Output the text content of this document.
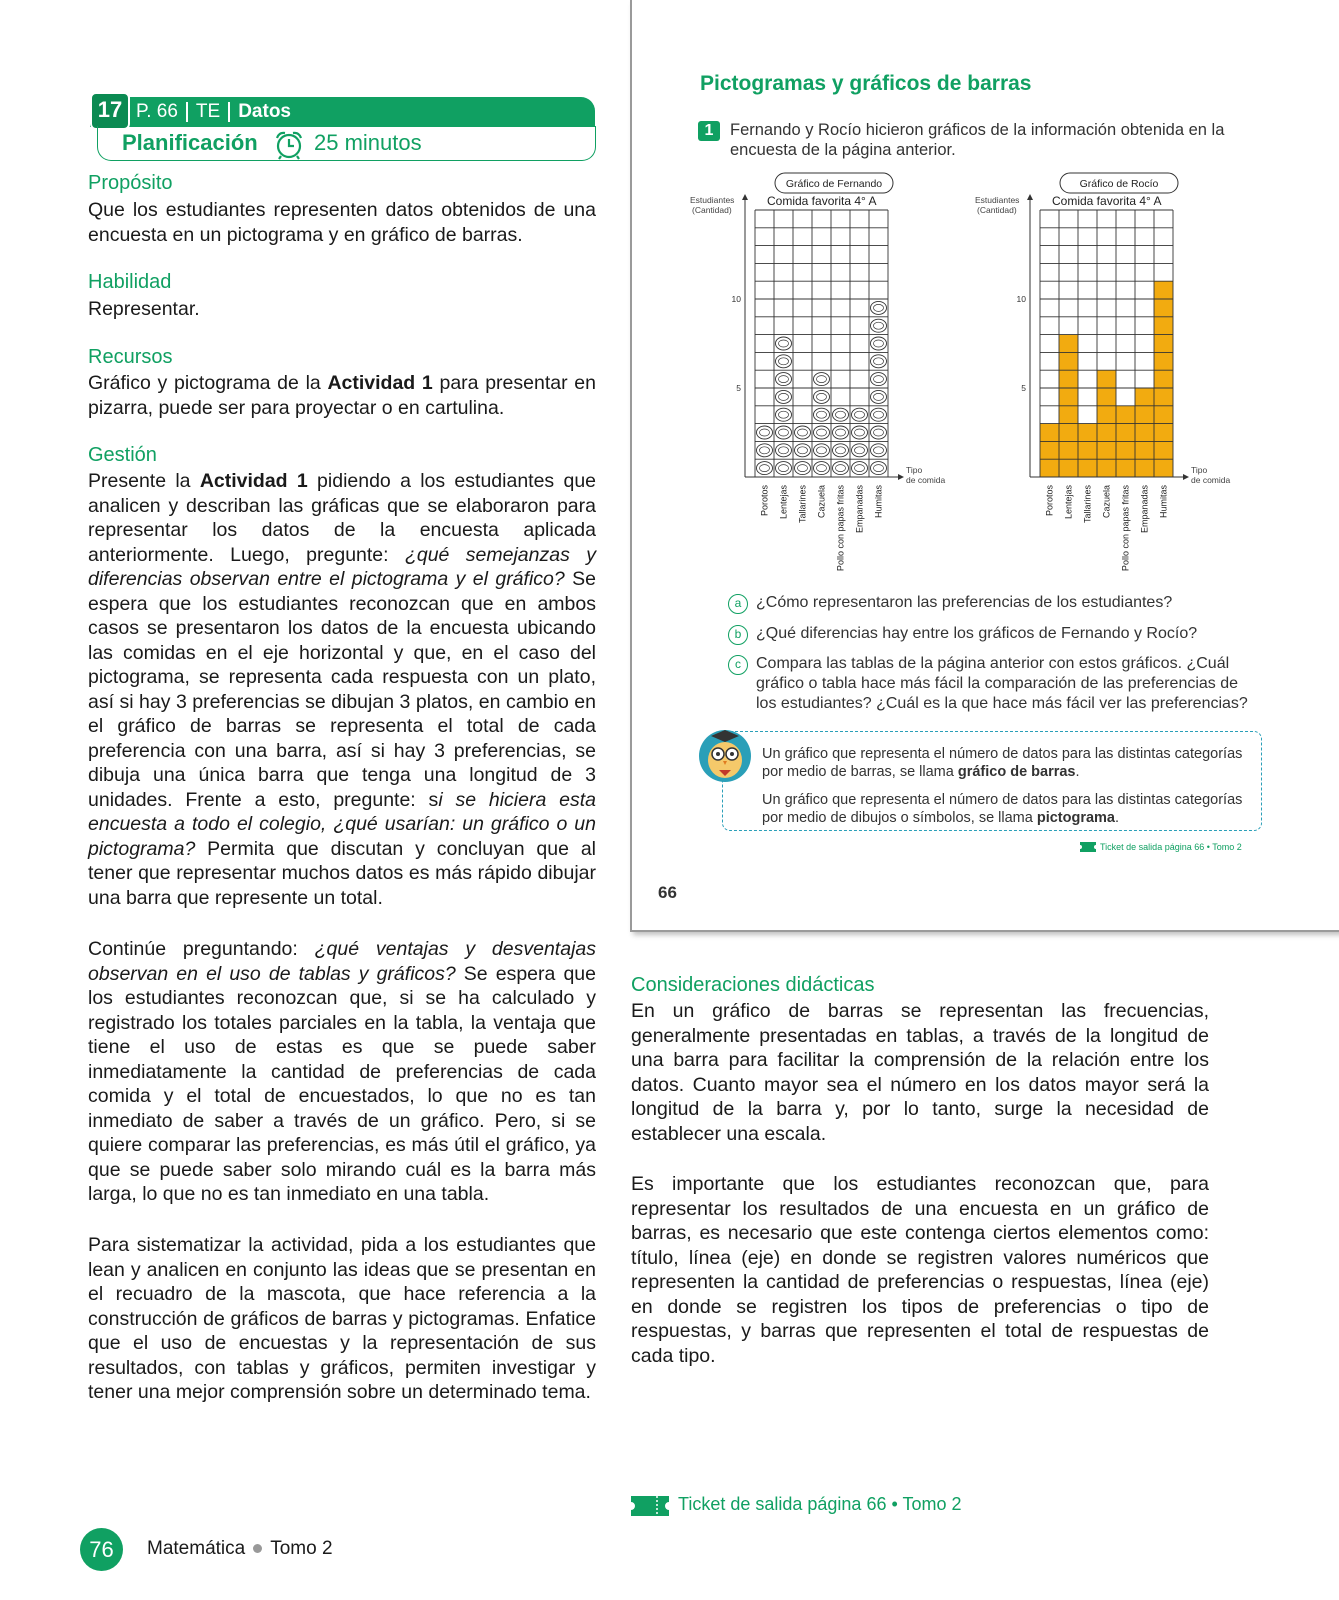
17 P. 66 TE Datos
Planificación	25 minutos
Propósito
Que los estudiantes representen datos obtenidos de una encuesta en un pictograma y en gráfico de barras.
Habilidad
Representar.
Recursos
Gráfico y pictograma de la Actividad 1 para presentar en pizarra, puede ser para proyectar o en cartulina.
Gestión
Presente la Actividad 1 pidiendo a los estudiantes que analicen y describan las gráficas que se elaboraron para representar los datos de la encuesta aplicada anteriormente. Luego, pregunte: ¿qué semejanzas y diferencias observan entre el pictograma y el gráfico? Se espera que los estudiantes reconozcan que en ambos casos se presentaron los datos de la encuesta ubicando las comidas en el eje horizontal y que, en el caso del pictograma, se representa cada respuesta con un plato, así si hay 3 preferencias se dibujan 3 platos, en cambio en el gráfico de barras se representa el total de cada preferencia con una barra, así si hay 3 preferencias, se dibuja una única barra que tenga una longitud de 3 unidades. Frente a esto, pregunte: si se hiciera esta encuesta a todo el colegio, ¿qué usarían: un gráfico o un pictograma? Permita que discutan y concluyan que al tener que representar muchos datos es más rápido dibujar una barra que represente un total.
Continúe preguntando: ¿qué ventajas y desventajas observan en el uso de tablas y gráficos? Se espera que los estudiantes reconozcan que, si se ha calculado y registrado los totales parciales en la tabla, la ventaja que tiene el uso de estas es que se puede saber inmediatamente la cantidad de preferencias de cada comida y el total de encuestados, lo que no es tan inmediato de saber a través de un gráfico. Pero, si se quiere comparar las preferencias, es más útil el gráfico, ya que se puede saber solo mirando cuál es la barra más larga, lo que no es tan inmediato en una tabla.
Para sistematizar la actividad, pida a los estudiantes que lean y analicen en conjunto las ideas que se presentan en el recuadro de la mascota, que hace referencia a la construcción de gráficos de barras y pictogramas. Enfatice que el uso de encuestas y la representación de sus resultados, con tablas y gráficos, permiten investigar y tener una mejor comprensión sobre un determinado tema.
Pictogramas y gráficos de barras
1	Fernando y Rocío hicieron gráficos de la información obtenida en la encuesta de la página anterior.
Gráfico de Fernando
Comida favorita 4° A
Estudiantes
(Cantidad)
Tipo
de comida
5
10
Porotos Lentejas Tallarines Cazuela Pollo con papas fritas Empanadas Humitas
Gráfico de Rocío
Comida favorita 4° A
Estudiantes
(Cantidad)
Tipo
de comida
5
10
Porotos Lentejas Tallarines Cazuela Pollo con papas fritas Empanadas Humitas
a ¿Cómo representaron las preferencias de los estudiantes?
b ¿Qué diferencias hay entre los gráficos de Fernando y Rocío?
c Compara las tablas de la página anterior con estos gráficos. ¿Cuál gráfico o tabla hace más fácil la comparación de las preferencias de los estudiantes? ¿Cuál es la que hace más fácil ver las preferencias?
Un gráfico que representa el número de datos para las distintas categorías por medio de barras, se llama gráfico de barras.
Un gráfico que representa el número de datos para las distintas categorías por medio de dibujos o símbolos, se llama pictograma.
Ticket de salida página 66 • Tomo 2
66
Consideraciones didácticas
En un gráfico de barras se representan las frecuencias, generalmente presentadas en tablas, a través de la longitud de una barra para facilitar la comprensión de la relación entre los datos. Cuanto mayor sea el número en los datos mayor será la longitud de la barra y, por lo tanto, surge la necesidad de establecer una escala.
Es importante que los estudiantes reconozcan que, para representar los resultados de una encuesta en un gráfico de barras, es necesario que este contenga ciertos elementos como: título, línea (eje) en donde se registren valores numéricos que representen la cantidad de preferencias o respuestas, línea (eje) en donde se registren los tipos de preferencias o tipo de respuestas, y barras que representen el total de respuestas de cada tipo.
Ticket de salida página 66 • Tomo 2
76	Matemática Tomo 2
